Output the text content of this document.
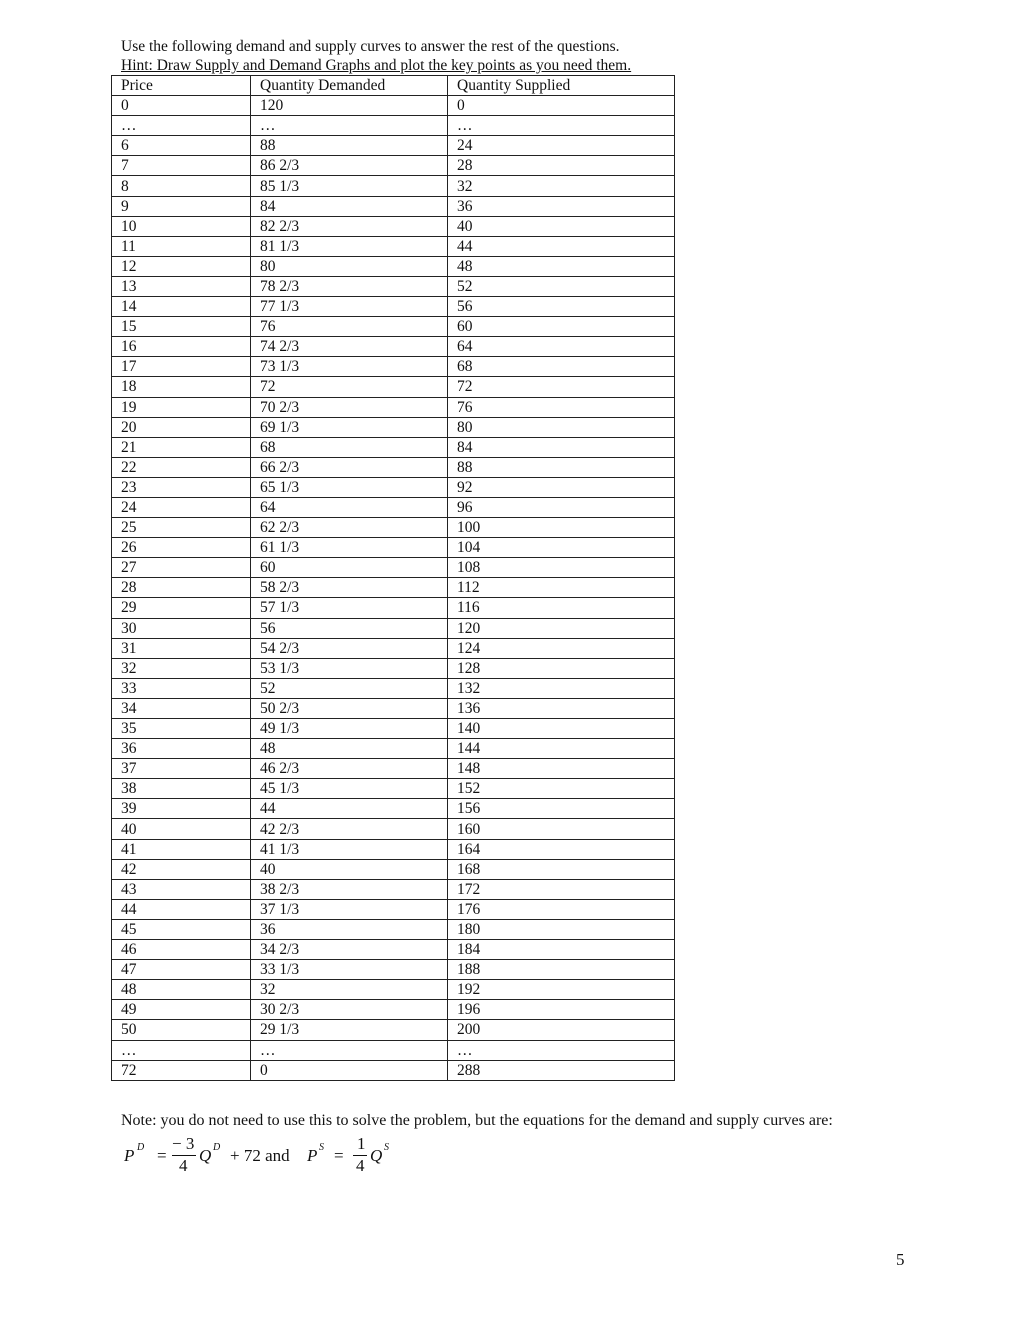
Use the following demand and supply curves to answer the rest of the questions.
Hint: Draw Supply and Demand Graphs and plot the key points as you need them.
Price	Quantity Demanded	Quantity Supplied
0	120	0
…	…	…
6	88	24
7	86 2/3	28
8	85 1/3	32
9	84	36
10	82 2/3	40
11	81 1/3	44
12	80	48
13	78 2/3	52
14	77 1/3	56
15	76	60
16	74 2/3	64
17	73 1/3	68
18	72	72
19	70 2/3	76
20	69 1/3	80
21	68	84
22	66 2/3	88
23	65 1/3	92
24	64	96
25	62 2/3	100
26	61 1/3	104
27	60	108
28	58 2/3	112
29	57 1/3	116
30	56	120
31	54 2/3	124
32	53 1/3	128
33	52	132
34	50 2/3	136
35	49 1/3	140
36	48	144
37	46 2/3	148
38	45 1/3	152
39	44	156
40	42 2/3	160
41	41 1/3	164
42	40	168
43	38 2/3	172
44	37 1/3	176
45	36	180
46	34 2/3	184
47	33 1/3	188
48	32	192
49	30 2/3	196
50	29 1/3	200
…	…	…
72	0	288
Note: you do not need to use this to solve the problem, but the equations for the demand and supply curves are:
P D =
− 3
4
Q D + 72 and P S =
1
4
Q S
5
